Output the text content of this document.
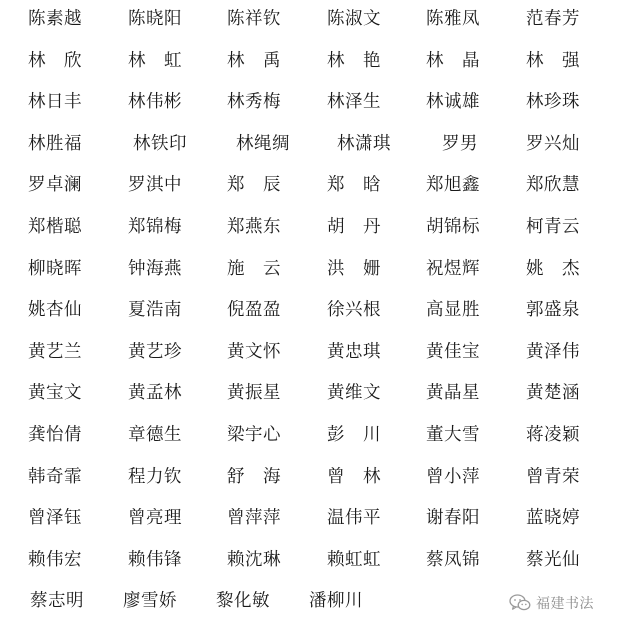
陈素越	陈晓阳	陈祥钦	陈淑文	陈雅凤	范春芳
林　欣	林　虹	林　禹	林　艳	林　晶	林　强
林日丰	林伟彬	林秀梅	林泽生	林诚雄	林珍珠
林胜福	林铁印	林绳绸	林潇琪	罗男	罗兴灿
罗卓澜	罗淇中	郑　辰	郑　晗	郑旭鑫	郑欣慧
郑楷聪	郑锦梅	郑燕东	胡　丹	胡锦标	柯青云
柳晓晖	钟海燕	施　云	洪　姗	祝煜辉	姚　杰
姚杏仙	夏浩南	倪盈盈	徐兴根	高显胜	郭盛泉
黄艺兰	黄艺珍	黄文怀	黄忠琪	黄佳宝	黄泽伟
黄宝文	黄孟林	黄振星	黄维文	黄晶星	黄楚涵
龚怡倩	章德生	梁宇心	彭　川	董大雪	蒋凌颖
韩奇霏	程力钦	舒　海	曾　林	曾小萍	曾青荣
曾泽钰	曾亮理	曾萍萍	温伟平	谢春阳	蓝晓婷
赖伟宏	赖伟锋	赖沈琳	赖虹虹	蔡凤锦	蔡光仙
蔡志明 廖雪娇 黎化敏 潘柳川	福建书法
